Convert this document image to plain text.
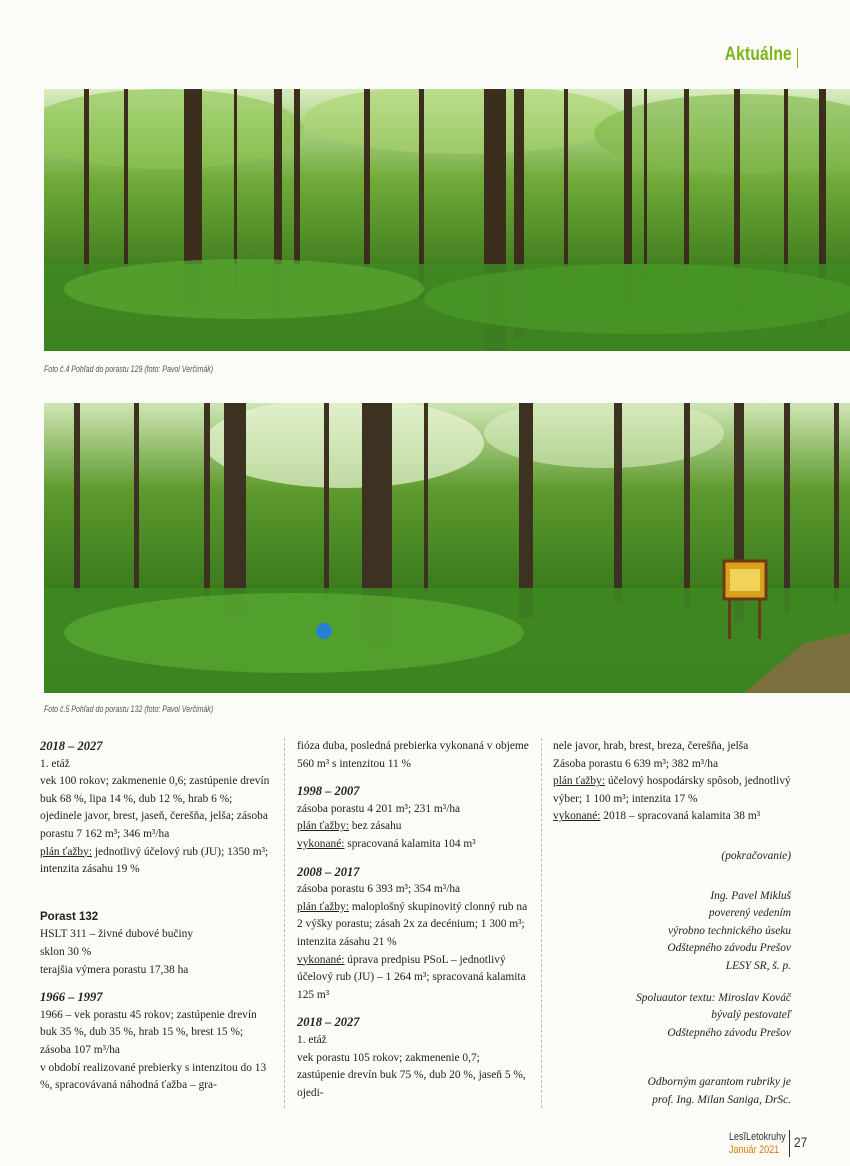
Aktuálne
Foto č.4 Pohľad do porastu 129 (foto: Pavol Verčimák)
Foto č.5 Pohľad do porastu 132 (foto: Pavol Verčimák)

2018 – 2027

1. etáž

vek 100 rokov; zakmenenie 0,6; zastúpenie drevín buk 68 %, lipa 14 %, dub 12 %, hrab 6 %; ojedinele javor, brest, jaseň, čerešňa, jelša; zásoba porastu 7 162 m³; 346 m³/ha

plán ťažby: jednotlivý účelový rub (JU); 1350 m³; intenzita zásahu 19 %

Porast 132

HSLT 311 – živné dubové bučiny

sklon 30 %

terajšia výmera porastu 17,38 ha

1966 – 1997

1966 – vek porastu 45 rokov; zastúpenie drevín buk 35 %, dub 35 %, hrab 15 %, brest 15 %; zásoba 107 m³/ha

v období realizované prebierky s intenzitou do 13 %, spracovávaná náhodná ťažba – gra-

fióza duba, posledná prebierka vykonaná v objeme 560 m³ s intenzitou 11 %

1998 – 2007

zásoba porastu 4 201 m³; 231 m³/ha

plán ťažby: bez zásahu

vykonané: spracovaná kalamita 104 m³

2008 – 2017

zásoba porastu 6 393 m³; 354 m³/ha

plán ťažby: maloplošný skupinovitý clonný rub na 2 výšky porastu; zásah 2x za decénium; 1 300 m³; intenzita zásahu 21 %

vykonané: úprava predpisu PSoL – jednotlivý účelový rub (JU) – 1 264 m³; spracovaná kalamita 125 m³

2018 – 2027

1. etáž

vek porastu 105 rokov; zakmenenie 0,7; zastúpenie drevín buk 75 %, dub 20 %, jaseň 5 %, ojedi-

nele javor, hrab, brest, breza, čerešňa, jelša

Zásoba porastu 6 639 m³; 382 m³/ha

plán ťažby: účelový hospodársky spôsob, jednotlivý výber; 1 100 m³; intenzita 17 %

vykonané: 2018 – spracovaná kalamita 38 m³

(pokračovanie)

Ing. Pavel Mikluš

poverený vedením

výrobno technického úseku

Odštepného závodu Prešov

LESY SR, š. p.

Spoluautor textu: Miroslav Kováč

bývalý pestovateľ

Odštepného závodu Prešov

Odborným garantom rubriky je

prof. Ing. Milan Saniga, DrSc.

LesĭLetokruhy
Január 2021	27
